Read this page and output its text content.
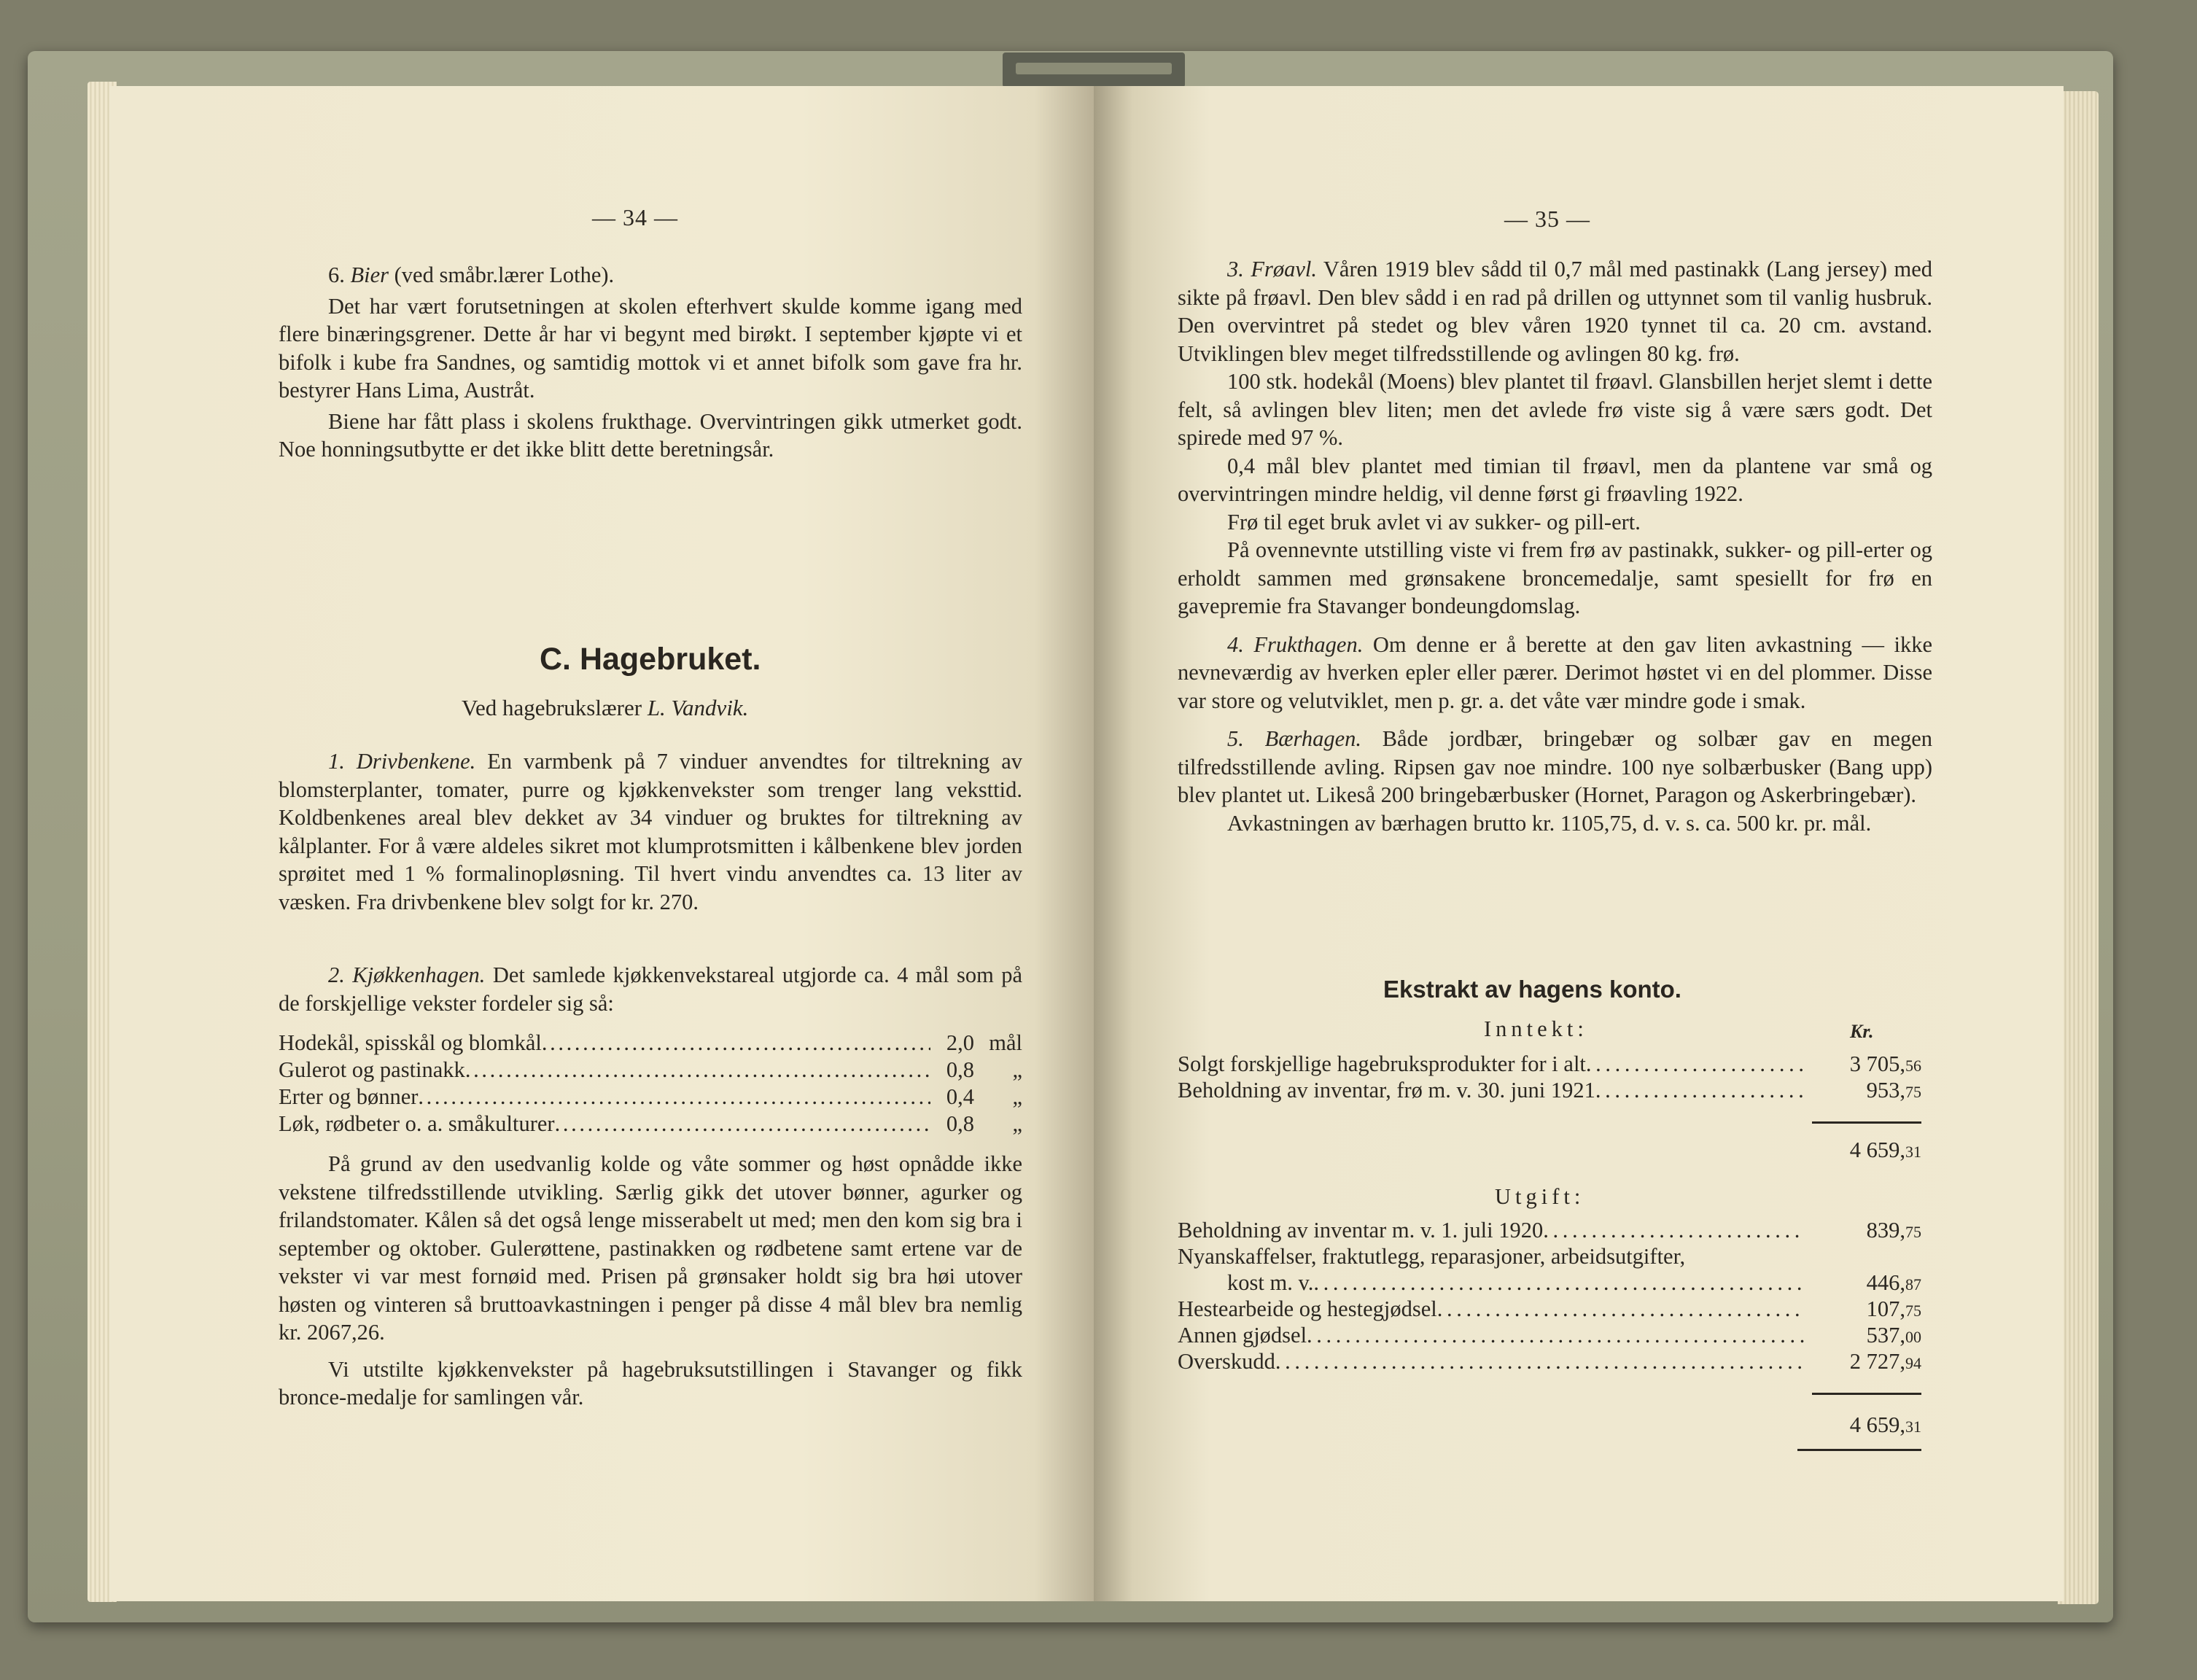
— 34 —

6. Bier (ved småbr.lærer Lothe).

Det har vært forutsetningen at skolen efterhvert skulde komme igang med flere binæringsgrener. Dette år har vi begynt med birøkt. I september kjøpte vi et bifolk i kube fra Sandnes, og samtidig mottok vi et annet bifolk som gave fra hr. bestyrer Hans Lima, Austråt.

Biene har fått plass i skolens frukthage. Overvintringen gikk utmerket godt. Noe honningsutbytte er det ikke blitt dette beretningsår.

C. Hagebruket.
Ved hagebrukslærer L. Vandvik.

1. Drivbenkene. En varmbenk på 7 vinduer anvendtes for tiltrekning av blomsterplanter, tomater, purre og kjøkkenvekster som trenger lang veksttid. Koldbenkenes areal blev dekket av 34 vinduer og bruktes for tiltrekning av kålplanter. For å være aldeles sikret mot klumprotsmitten i kålbenkene blev jorden sprøitet med 1 % formalinopløsning. Til hvert vindu anvendtes ca. 13 liter av væsken. Fra drivbenkene blev solgt for kr. 270.

2. Kjøkkenhagen. Det samlede kjøkkenvekstareal utgjorde ca. 4 mål som på de forskjellige vekster fordeler sig så:

Hodekål, spisskål og blomkål . . .	2,0 mål
Gulerot og pastinakk . . .	0,8	„
Erter og bønner . . .	0,4	„
Løk, rødbeter o. a. småkulturer . . .	0,8	„

På grund av den usedvanlig kolde og våte sommer og høst opnådde ikke vekstene tilfredsstillende utvikling. Særlig gikk det utover bønner, agurker og frilandstomater. Kålen så det også lenge misserabelt ut med; men den kom sig bra i september og oktober. Gulerøttene, pastinakken og rødbetene samt ertene var de vekster vi var mest fornøid med. Prisen på grønsaker holdt sig bra høi utover høsten og vinteren så bruttoavkastningen i penger på disse 4 mål blev bra nemlig kr. 2067,26.

Vi utstilte kjøkkenvekster på hagebruksutstillingen i Stavanger og fikk bronce-medalje for samlingen vår.

— 35 —

3. Frøavl. Våren 1919 blev sådd til 0,7 mål med pastinakk (Lang jersey) med sikte på frøavl. Den blev sådd i en rad på drillen og uttynnet som til vanlig husbruk. Den overvintret på stedet og blev våren 1920 tynnet til ca. 20 cm. avstand. Utviklingen blev meget tilfredsstillende og avlingen 80 kg. frø.

100 stk. hodekål (Moens) blev plantet til frøavl. Glansbillen herjet slemt i dette felt, så avlingen blev liten; men det avlede frø viste sig å være særs godt. Det spirede med 97 %.

0,4 mål blev plantet med timian til frøavl, men da plantene var små og overvintringen mindre heldig, vil denne først gi frøavling 1922.

Frø til eget bruk avlet vi av sukker- og pill-ert.

På ovennevnte utstilling viste vi frem frø av pastinakk, sukker- og pill-erter og erholdt sammen med grønsakene broncemedalje, samt spesiellt for frø en gavepremie fra Stavanger bondeungdomslag.

4. Frukthagen. Om denne er å berette at den gav liten avkastning — ikke nevneværdig av hverken epler eller pærer. Derimot høstet vi en del plommer. Disse var store og velutviklet, men p. gr. a. det våte vær mindre gode i smak.

5. Bærhagen. Både jordbær, bringebær og solbær gav en megen tilfredsstillende avling. Ripsen gav noe mindre. 100 nye solbærbusker (Bang upp) blev plantet ut. Likeså 200 bringebærbusker (Hornet, Paragon og Askerbringebær).

Avkastningen av bærhagen brutto kr. 1105,75, d. v. s. ca. 500 kr. pr. mål.

Ekstrakt av hagens konto.
Inntekt:	Kr.
Solgt forskjellige hagebruksprodukter for i alt . . .	3 705,56
Beholdning av inventar, frø m. v. 30. juni 1921 . . .	953,75
4 659,31
Utgift:
Beholdning av inventar m. v. 1. juli 1920 . . .	839,75
Nyanskaffelser, fraktutlegg, reparasjoner, arbeidsutgifter,
kost m. v. . . .	446,87
Hestearbeide og hestegjødsel . . .	107,75
Annen gjødsel . . .	537,00
Overskudd . . .	2 727,94
4 659,31
